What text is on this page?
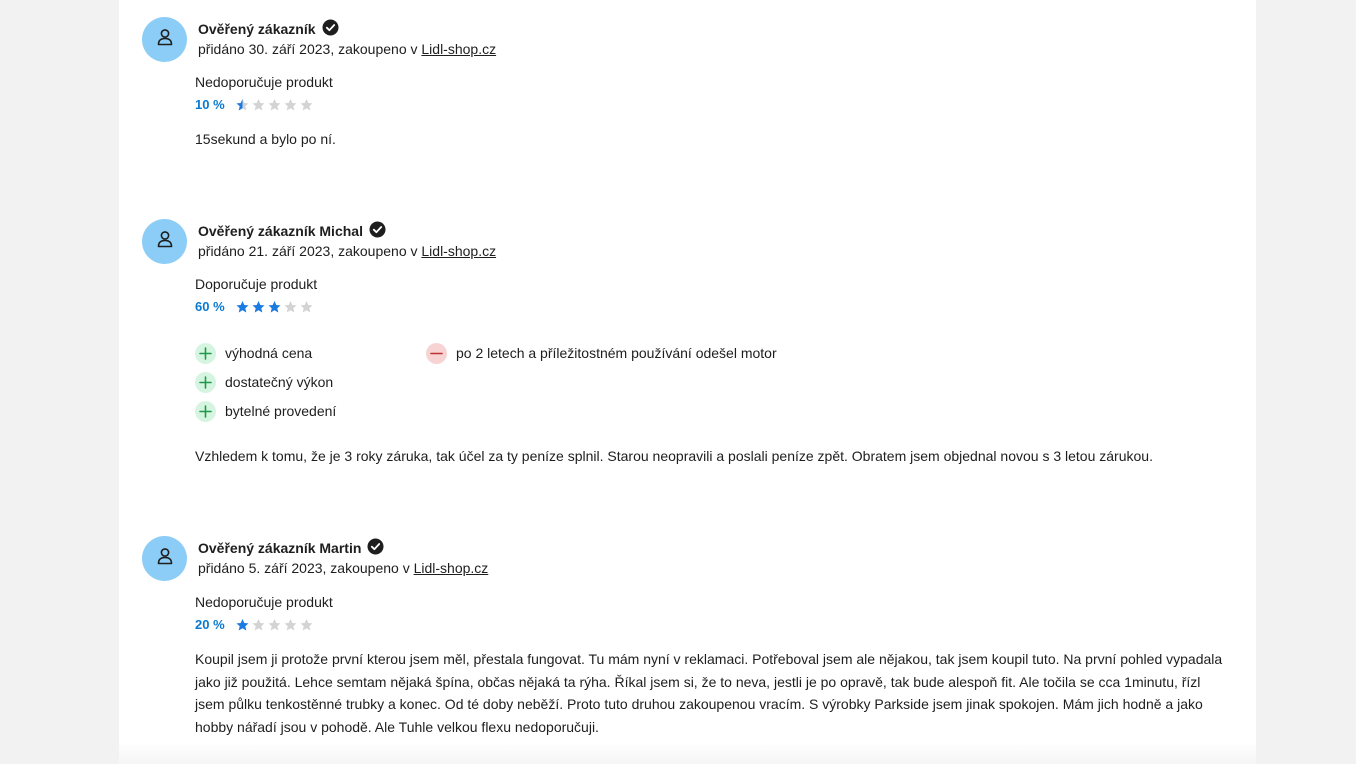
Ověřený zákazník
přidáno 30. září 2023, zakoupeno v Lidl-shop.cz
Nedoporučuje produkt
10 %
15sekund a bylo po ní.
Ověřený zákazník Michal
přidáno 21. září 2023, zakoupeno v Lidl-shop.cz
Doporučuje produkt
60 %
výhodná cena
dostatečný výkon
bytelné provedení
po 2 letech a příležitostném používání odešel motor
Vzhledem k tomu, že je 3 roky záruka, tak účel za ty peníze splnil. Starou neopravili a poslali peníze zpět. Obratem jsem objednal novou s 3 letou zárukou.
Ověřený zákazník Martin
přidáno 5. září 2023, zakoupeno v Lidl-shop.cz
Nedoporučuje produkt
20 %
Koupil jsem ji protože první kterou jsem měl, přestala fungovat. Tu mám nyní v reklamaci. Potřeboval jsem ale nějakou, tak jsem koupil tuto. Na první pohled vypadala jako již použitá. Lehce semtam nějaká špína, občas nějaká ta rýha. Říkal jsem si, že to neva, jestli je po opravě, tak bude alespoň fit. Ale točila se cca 1minutu, řízl jsem půlku tenkostěnné trubky a konec. Od té doby neběží. Proto tuto druhou zakoupenou vracím. S výrobky Parkside jsem jinak spokojen. Mám jich hodně a jako hobby nářadí jsou v pohodě. Ale Tuhle velkou flexu nedoporučuji.
